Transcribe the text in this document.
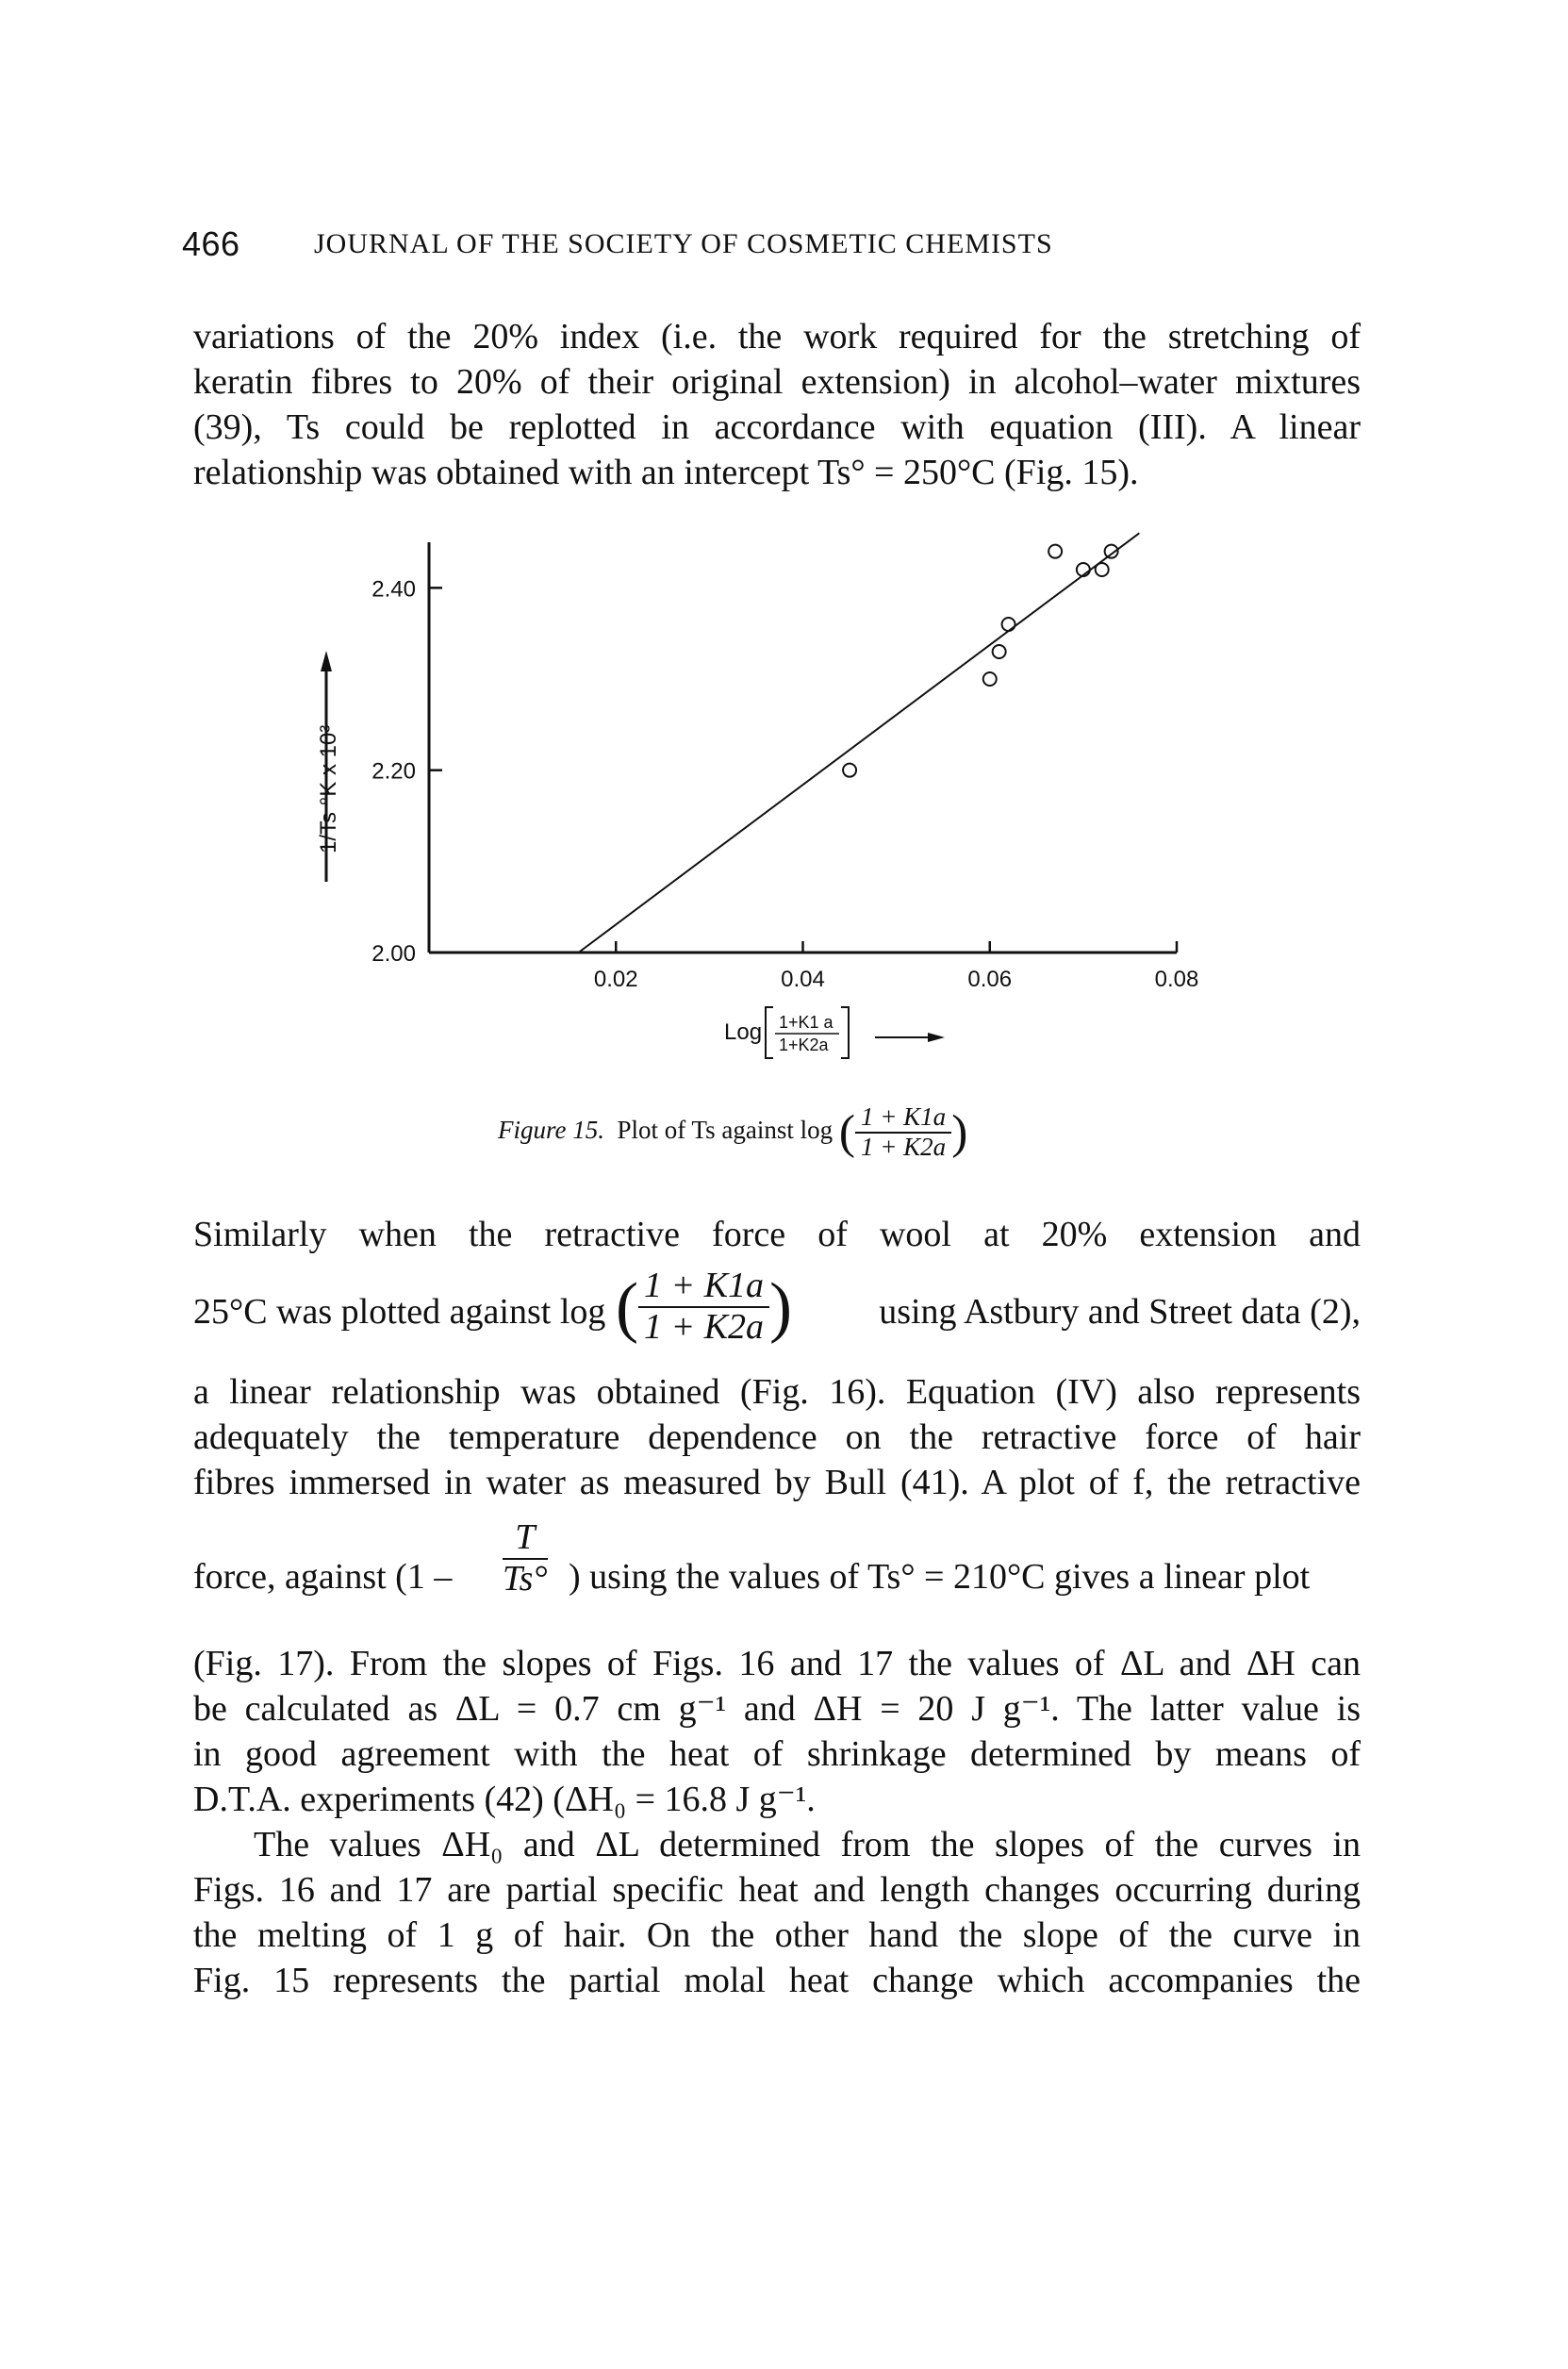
466	JOURNAL OF THE SOCIETY OF COSMETIC CHEMISTS
variations of the 20% index (i.e. the work required for the stretching of
keratin fibres to 20% of their original extension) in alcohol–water mixtures
(39), Ts could be replotted in accordance with equation (III). A linear
relationship was obtained with an intercept Ts° = 250°C (Fig. 15).
2.00
2.20
2.40
0.02	0.04	0.06	0.08
1/Ts °K x 10³
Log 1+K1 a
1+K2a
Figure 15. Plot of Ts against log ( $\frac{1 + K1a}{1 + K2a}$ )
Similarly when the retractive force of wool at 20% extension and
25°C was plotted against log ( $\frac{1 + K1a}{1 + K2a}$ ) using Astbury and Street data (2),
a linear relationship was obtained (Fig. 16). Equation (IV) also represents
adequately the temperature dependence on the retractive force of hair
fibres immersed in water as measured by Bull (41). A plot of f, the retractive
force, against ($1 - \frac{T}{Ts^\circ}$ ) using the values of Ts° = 210°C gives a linear plot
(Fig. 17). From the slopes of Figs. 16 and 17 the values of ΔL and ΔH can
be calculated as ΔL = 0.7 cm g⁻¹ and ΔH = 20 J g⁻¹. The latter value is
in good agreement with the heat of shrinkage determined by means of
D.T.A. experiments (42) (ΔH₀ = 16.8 J g⁻¹.
The values ΔH₀ and ΔL determined from the slopes of the curves in
Figs. 16 and 17 are partial specific heat and length changes occurring during
the melting of 1 g of hair. On the other hand the slope of the curve in
Fig. 15 represents the partial molal heat change which accompanies the
